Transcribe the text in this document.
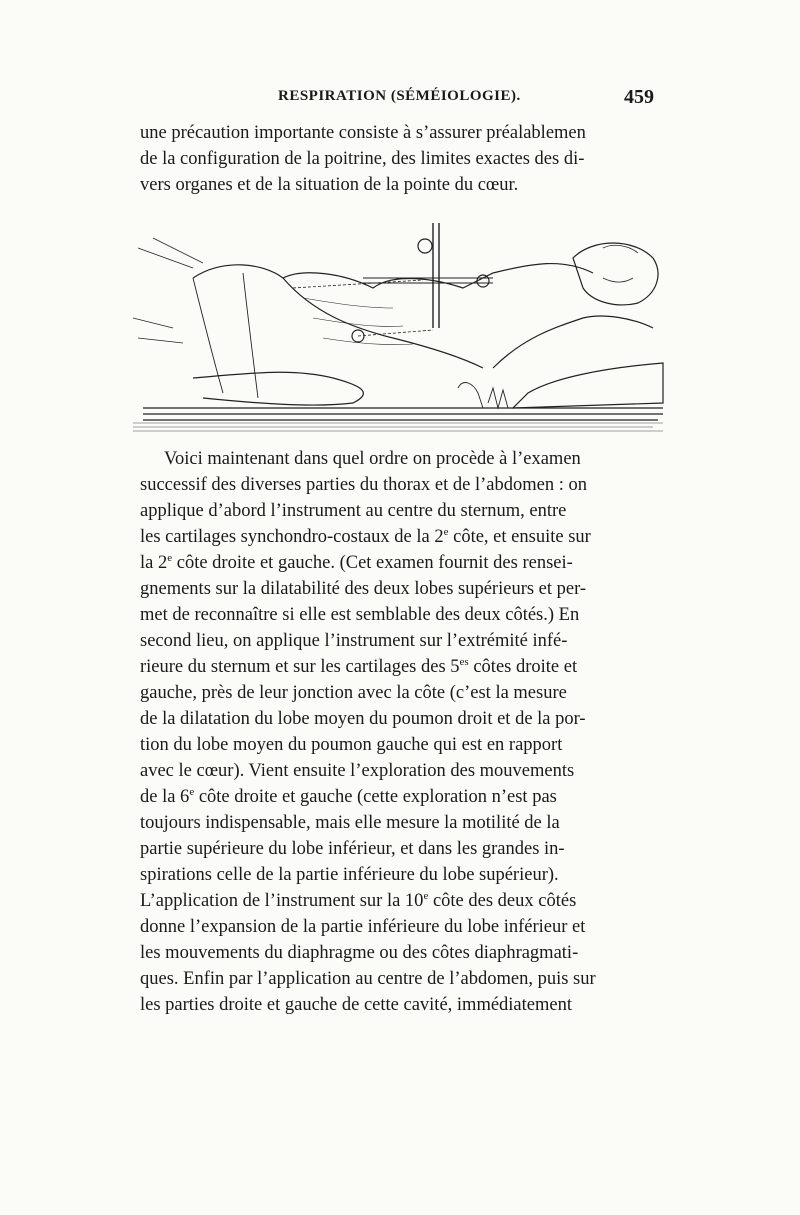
RESPIRATION (SÉMÉIOLOGIE).	459
une précaution importante consiste à s’assurer préalablemen
de la configuration de la poitrine, des limites exactes des di-
vers organes et de la situation de la pointe du cœur.
Voici maintenant dans quel ordre on procède à l’examen
successif des diverses parties du thorax et de l’abdomen : on
applique d’abord l’instrument au centre du sternum, entre
les cartilages synchondro-costaux de la 2e côte, et ensuite sur
la 2e côte droite et gauche. (Cet examen fournit des rensei-
gnements sur la dilatabilité des deux lobes supérieurs et per-
met de reconnaître si elle est semblable des deux côtés.) En
second lieu, on applique l’instrument sur l’extrémité infé-
rieure du sternum et sur les cartilages des $5^{es}$ côtes droite et
gauche, près de leur jonction avec la côte (c’est la mesure
de la dilatation du lobe moyen du poumon droit et de la por-
tion du lobe moyen du poumon gauche qui est en rapport
avec le cœur). Vient ensuite l’exploration des mouvements
de la 6e côte droite et gauche (cette exploration n’est pas
toujours indispensable, mais elle mesure la motilité de la
partie supérieure du lobe inférieur, et dans les grandes in-
spirations celle de la partie inférieure du lobe supérieur).
L’application de l’instrument sur la 10e côte des deux côtés
donne l’expansion de la partie inférieure du lobe inférieur et
les mouvements du diaphragme ou des côtes diaphragmati-
ques. Enfin par l’application au centre de l’abdomen, puis sur
les parties droite et gauche de cette cavité, immédiatement
